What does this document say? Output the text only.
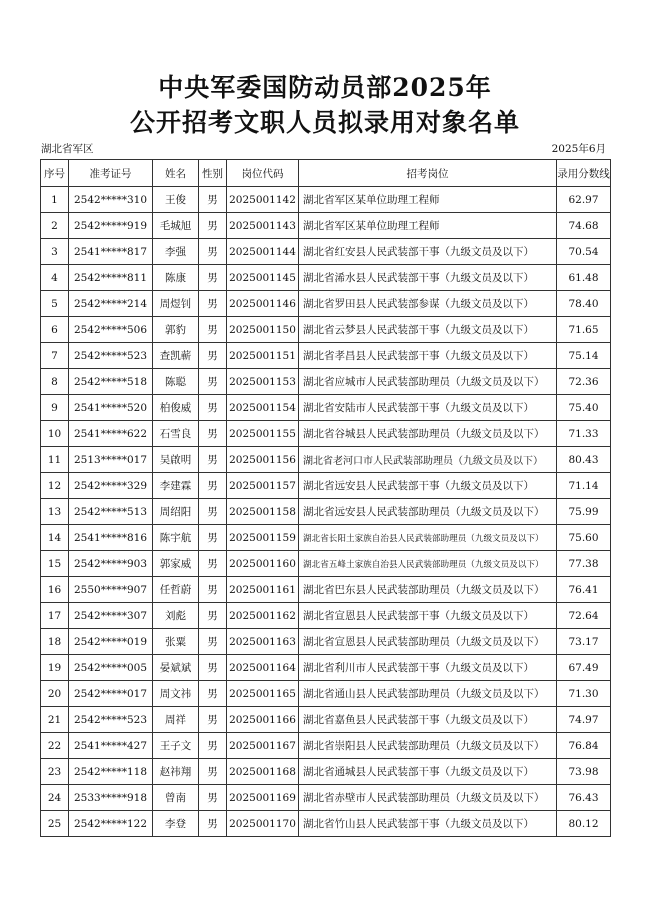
中央军委国防动员部2025年
公开招考文职人员拟录用对象名单
湖北省军区	2025年6月
序号	准考证号	姓名	性别	岗位代码	招考岗位	录用分数线
1	2542*****310	王俊	男	2025001142	湖北省军区某单位助理工程师	62.97
2	2542*****919	毛城旭	男	2025001143	湖北省军区某单位助理工程师	74.68
3	2541*****817	李强	男	2025001144	湖北省红安县人民武装部干事（九级文员及以下）	70.54
4	2542*****811	陈康	男	2025001145	湖北省浠水县人民武装部干事（九级文员及以下）	61.48
5	2542*****214	周煜钊	男	2025001146	湖北省罗田县人民武装部参谋（九级文员及以下）	78.40
6	2542*****506	郭豹	男	2025001150	湖北省云梦县人民武装部干事（九级文员及以下）	71.65
7	2542*****523	查凯蕲	男	2025001151	湖北省孝昌县人民武装部干事（九级文员及以下）	75.14
8	2542*****518	陈聪	男	2025001153	湖北省应城市人民武装部助理员（九级文员及以下）	72.36
9	2541*****520	柏俊威	男	2025001154	湖北省安陆市人民武装部干事（九级文员及以下）	75.40
10	2541*****622	石雪良	男	2025001155	湖北省谷城县人民武装部助理员（九级文员及以下）	71.33
11	2513*****017	吴啟明	男	2025001156	湖北省老河口市人民武装部助理员（九级文员及以下）	80.43
12	2542*****329	李建霖	男	2025001157	湖北省远安县人民武装部干事（九级文员及以下）	71.14
13	2542*****513	周绍阳	男	2025001158	湖北省远安县人民武装部助理员（九级文员及以下）	75.99
14	2541*****816	陈宇航	男	2025001159	湖北省长阳土家族自治县人民武装部助理员（九级文员及以下）	75.60
15	2542*****903	郭家威	男	2025001160	湖北省五峰土家族自治县人民武装部助理员（九级文员及以下）	77.38
16	2550*****907	任哲蔚	男	2025001161	湖北省巴东县人民武装部助理员（九级文员及以下）	76.41
17	2542*****307	刘彪	男	2025001162	湖北省宣恩县人民武装部干事（九级文员及以下）	72.64
18	2542*****019	张粟	男	2025001163	湖北省宣恩县人民武装部助理员（九级文员及以下）	73.17
19	2542*****005	晏斌斌	男	2025001164	湖北省利川市人民武装部干事（九级文员及以下）	67.49
20	2542*****017	周文祎	男	2025001165	湖北省通山县人民武装部助理员（九级文员及以下）	71.30
21	2542*****523	周祥	男	2025001166	湖北省嘉鱼县人民武装部干事（九级文员及以下）	74.97
22	2541*****427	王子文	男	2025001167	湖北省崇阳县人民武装部助理员（九级文员及以下）	76.84
23	2542*****118	赵祎翔	男	2025001168	湖北省通城县人民武装部干事（九级文员及以下）	73.98
24	2533*****918	曾南	男	2025001169	湖北省赤壁市人民武装部助理员（九级文员及以下）	76.43
25	2542*****122	李登	男	2025001170	湖北省竹山县人民武装部干事（九级文员及以下）	80.12
